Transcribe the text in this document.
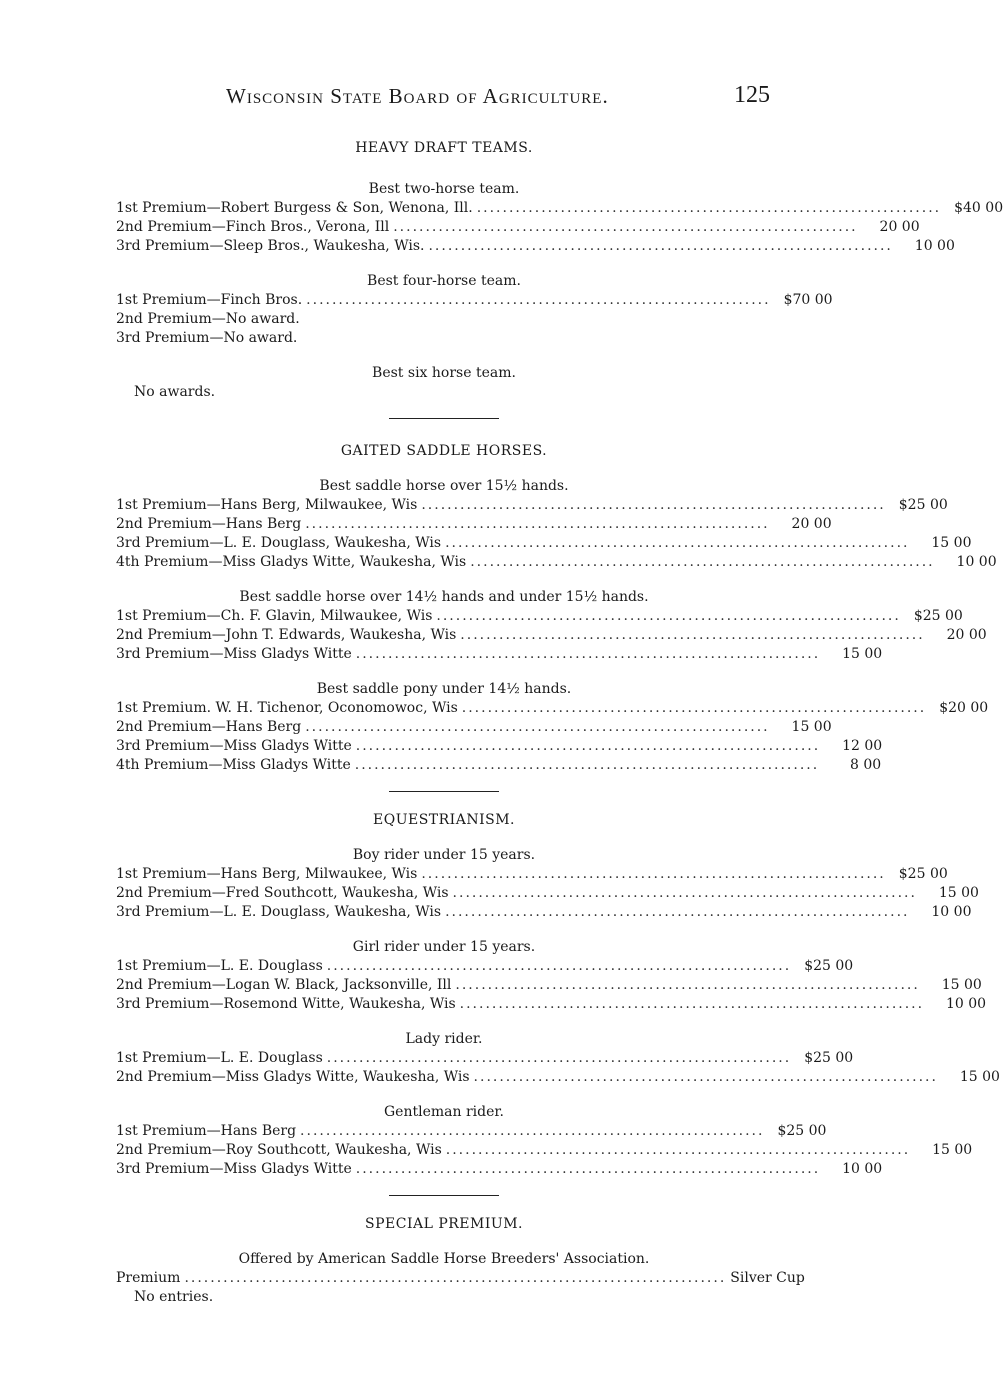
Wisconsin State Board of Agriculture.	125
HEAVY DRAFT TEAMS.
Best two-horse team.
1st Premium—Robert Burgess & Son, Wenona, Ill. ........................................................................ $40 00
2nd Premium—Finch Bros., Verona, Ill ........................................................................	20 00
3rd Premium—Sleep Bros., Waukesha, Wis. ........................................................................	10 00
Best four-horse team.
1st Premium—Finch Bros. ........................................................................ $70 00
2nd Premium—No award.
3rd Premium—No award.
Best six horse team.
No awards.
GAITED SADDLE HORSES.
Best saddle horse over 15½ hands.
1st Premium—Hans Berg, Milwaukee, Wis ........................................................................ $25 00
2nd Premium—Hans Berg ........................................................................	20 00
3rd Premium—L. E. Douglass, Waukesha, Wis ........................................................................	15 00
4th Premium—Miss Gladys Witte, Waukesha, Wis ........................................................................	10 00
Best saddle horse over 14½ hands and under 15½ hands.
1st Premium—Ch. F. Glavin, Milwaukee, Wis ........................................................................ $25 00
2nd Premium—John T. Edwards, Waukesha, Wis ........................................................................	20 00
3rd Premium—Miss Gladys Witte ........................................................................	15 00
Best saddle pony under 14½ hands.
1st Premium. W. H. Tichenor, Oconomowoc, Wis ........................................................................ $20 00
2nd Premium—Hans Berg ........................................................................	15 00
3rd Premium—Miss Gladys Witte ........................................................................	12 00
4th Premium—Miss Gladys Witte ........................................................................	8 00
EQUESTRIANISM.
Boy rider under 15 years.
1st Premium—Hans Berg, Milwaukee, Wis ........................................................................ $25 00
2nd Premium—Fred Southcott, Waukesha, Wis ........................................................................	15 00
3rd Premium—L. E. Douglass, Waukesha, Wis ........................................................................	10 00
Girl rider under 15 years.
1st Premium—L. E. Douglass ........................................................................ $25 00
2nd Premium—Logan W. Black, Jacksonville, Ill ........................................................................	15 00
3rd Premium—Rosemond Witte, Waukesha, Wis ........................................................................	10 00
Lady rider.
1st Premium—L. E. Douglass ........................................................................ $25 00
2nd Premium—Miss Gladys Witte, Waukesha, Wis ........................................................................	15 00
Gentleman rider.
1st Premium—Hans Berg ........................................................................ $25 00
2nd Premium—Roy Southcott, Waukesha, Wis ........................................................................	15 00
3rd Premium—Miss Gladys Witte ........................................................................	10 00
SPECIAL PREMIUM.
Offered by American Saddle Horse Breeders' Association.
Premium .................................................................................... Silver Cup
No entries.
